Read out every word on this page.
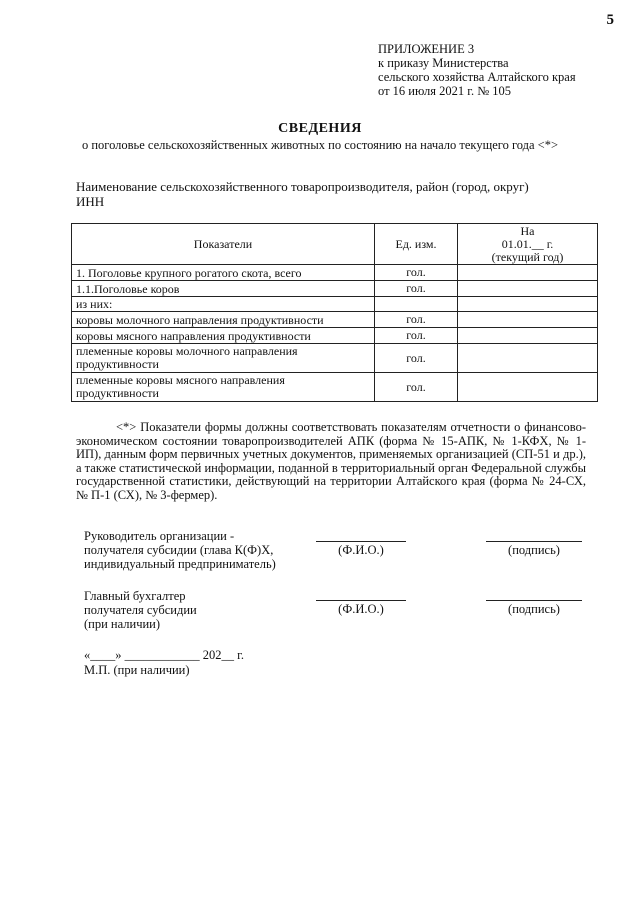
5
ПРИЛОЖЕНИЕ 3
к приказу Министерства
сельского хозяйства Алтайского края
от 16 июля 2021 г. № 105
СВЕДЕНИЯ
о поголовье сельскохозяйственных животных по состоянию на начало текущего года <*>
Наименование сельскохозяйственного товаропроизводителя, район (город, округ)
ИНН
Показатели	Ед. изм.	На
01.01.__ г.
(текущий год)

1. Поголовье крупного рогатого скота, всего	гол.	
1.1.Поголовье коров	гол.	
из них:		
коровы молочного направления продуктивности	гол.	
коровы мясного направления продуктивности	гол.	
племенные коровы молочного направления продуктивности	гол.	
племенные коровы мясного направления продуктивности	гол.	
<*> Показатели формы должны соответствовать показателям отчетности о финансово-экономическом состоянии товаропроизводителей АПК (форма № 15-АПК, № 1-КФХ, № 1-ИП), данным форм первичных учетных документов, применяемых организацией (СП-51 и др.), а также статистической информации, поданной в территориальный орган Федеральной службы государственной статистики, действующий на территории Алтайского края (форма № 24-СХ, № П-1 (СХ), № 3-фермер).
Руководитель организации -
получателя субсидии (глава К(Ф)Х,
индивидуальный предприниматель)
(Ф.И.О.)	(подпись)
Главный бухгалтер
получателя субсидии
(при наличии)
(Ф.И.О.)	(подпись)
«____» ____________ 202__ г.
М.П. (при наличии)
